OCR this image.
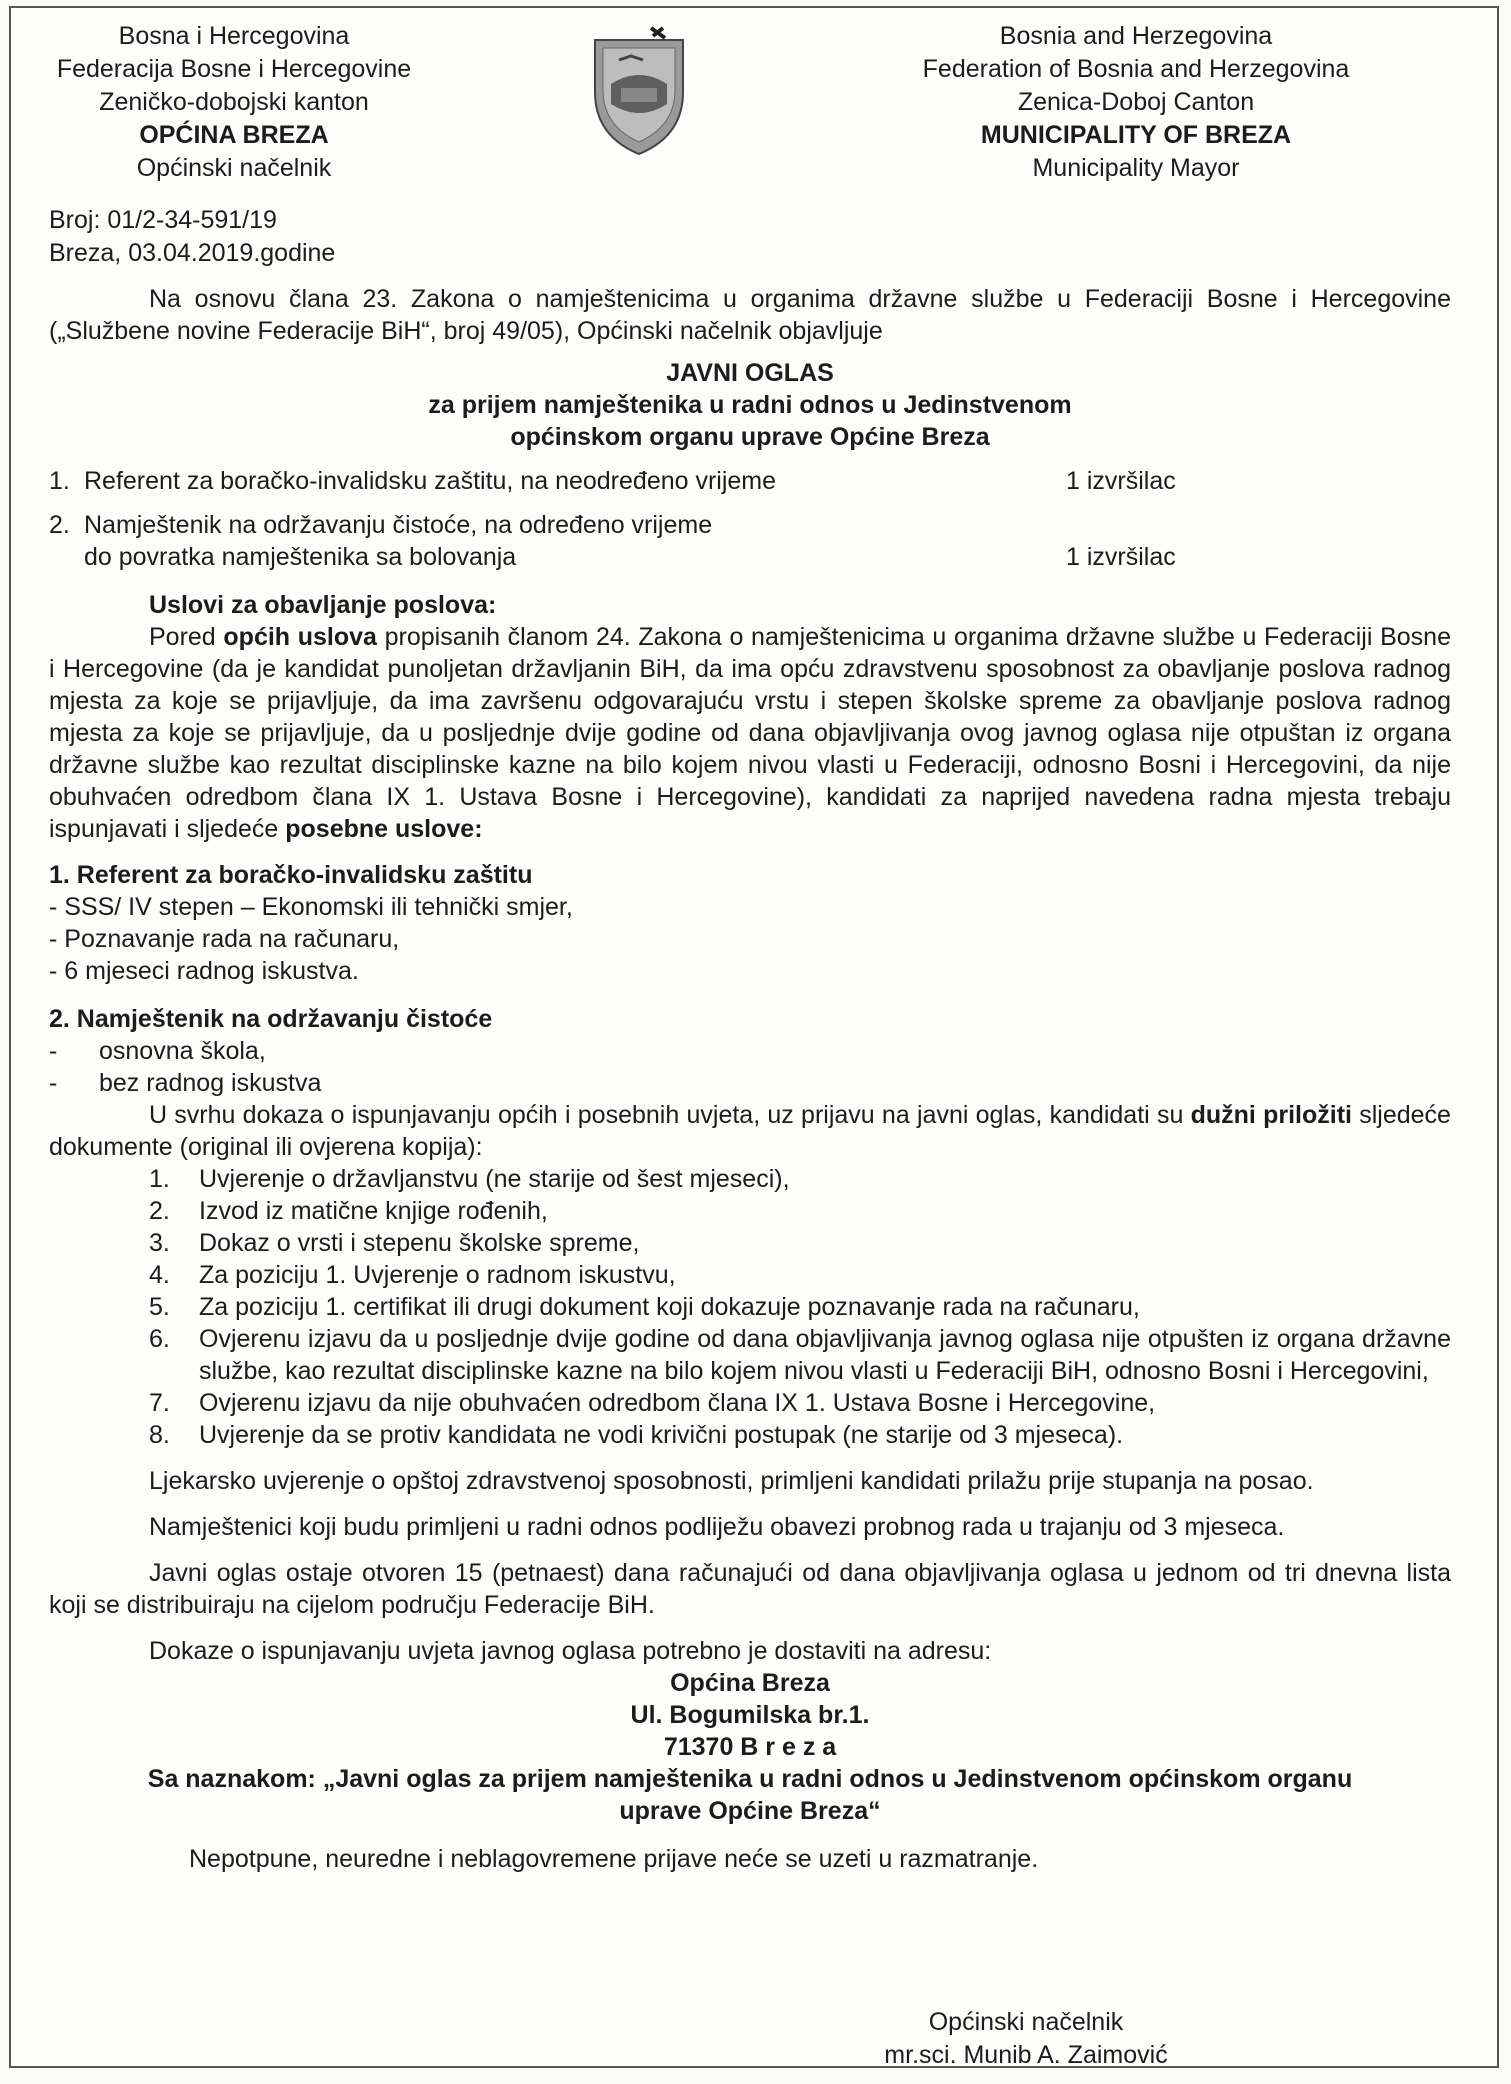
Bosna i Hercegovina
Federacija Bosne i Hercegovine
Zeničko-dobojski kanton
OPĆINA BREZA
Općinski načelnik
Bosnia and Herzegovina
Federation of Bosnia and Herzegovina
Zenica-Doboj Canton
MUNICIPALITY OF BREZA
Municipality Mayor
Broj: 01/2-34-591/19
Breza, 03.04.2019.godine

Na osnovu člana 23. Zakona o namještenicima u organima državne službe u Federaciji Bosne i Hercegovine („Službene novine Federacije BiH“, broj 49/05), Općinski načelnik objavljuje

JAVNI OGLAS
za prijem namještenika u radni odnos u Jedinstvenom
općinskom organu uprave Općine Breza
1. Referent za boračko-invalidsku zaštitu, na neodređeno vrijeme	1 izvršilac
2. Namještenik na održavanju čistoće, na određeno vrijeme
do povratka namještenika sa bolovanja	1 izvršilac
Uslovi za obavljanje poslova:

Pored općih uslova propisanih članom 24. Zakona o namještenicima u organima državne službe u Federaciji Bosne i Hercegovine (da je kandidat punoljetan državljanin BiH, da ima opću zdravstvenu sposobnost za obavljanje poslova radnog mjesta za koje se prijavljuje, da ima završenu odgovarajuću vrstu i stepen školske spreme za obavljanje poslova radnog mjesta za koje se prijavljuje, da u posljednje dvije godine od dana objavljivanja ovog javnog oglasa nije otpuštan iz organa državne službe kao rezultat disciplinske kazne na bilo kojem nivou vlasti u Federaciji, odnosno Bosni i Hercegovini, da nije obuhvaćen odredbom člana IX 1. Ustava Bosne i Hercegovine), kandidati za naprijed navedena radna mjesta trebaju ispunjavati i sljedeće posebne uslove:

1. Referent za boračko-invalidsku zaštitu
- SSS/ IV stepen – Ekonomski ili tehnički smjer,
- Poznavanje rada na računaru,
- 6 mjeseci radnog iskustva.
2. Namještenik na održavanju čistoće
-	osnovna škola,
-	bez radnog iskustva

U svrhu dokaza o ispunjavanju općih i posebnih uvjeta, uz prijavu na javni oglas, kandidati su dužni priložiti sljedeće dokumente (original ili ovjerena kopija):

1.	Uvjerenje o državljanstvu (ne starije od šest mjeseci),
2.	Izvod iz matične knjige rođenih,
3.	Dokaz o vrsti i stepenu školske spreme,
4.	Za poziciju 1. Uvjerenje o radnom iskustvu,
5.	Za poziciju 1. certifikat ili drugi dokument koji dokazuje poznavanje rada na računaru,
6.	Ovjerenu izjavu da u posljednje dvije godine od dana objavljivanja javnog oglasa nije otpušten iz organa državne službe, kao rezultat disciplinske kazne na bilo kojem nivou vlasti u Federaciji BiH, odnosno Bosni i Hercegovini,
7.	Ovjerenu izjavu da nije obuhvaćen odredbom člana IX 1. Ustava Bosne i Hercegovine,
8.	Uvjerenje da se protiv kandidata ne vodi krivični postupak (ne starije od 3 mjeseca).

Ljekarsko uvjerenje o opštoj zdravstvenoj sposobnosti, primljeni kandidati prilažu prije stupanja na posao.

Namještenici koji budu primljeni u radni odnos podliježu obavezi probnog rada u trajanju od 3 mjeseca.

Javni oglas ostaje otvoren 15 (petnaest) dana računajući od dana objavljivanja oglasa u jednom od tri dnevna lista koji se distribuiraju na cijelom području Federacije BiH.

Dokaze o ispunjavanju uvjeta javnog oglasa potrebno je dostaviti na adresu:

Općina Breza
Ul. Bogumilska br.1.
71370 B r e z a
Sa naznakom: „Javni oglas za prijem namještenika u radni odnos u Jedinstvenom općinskom organu
uprave Općine Breza“

Nepotpune, neuredne i neblagovremene prijave neće se uzeti u razmatranje.

Općinski načelnik
mr.sci. Munib A. Zaimović
